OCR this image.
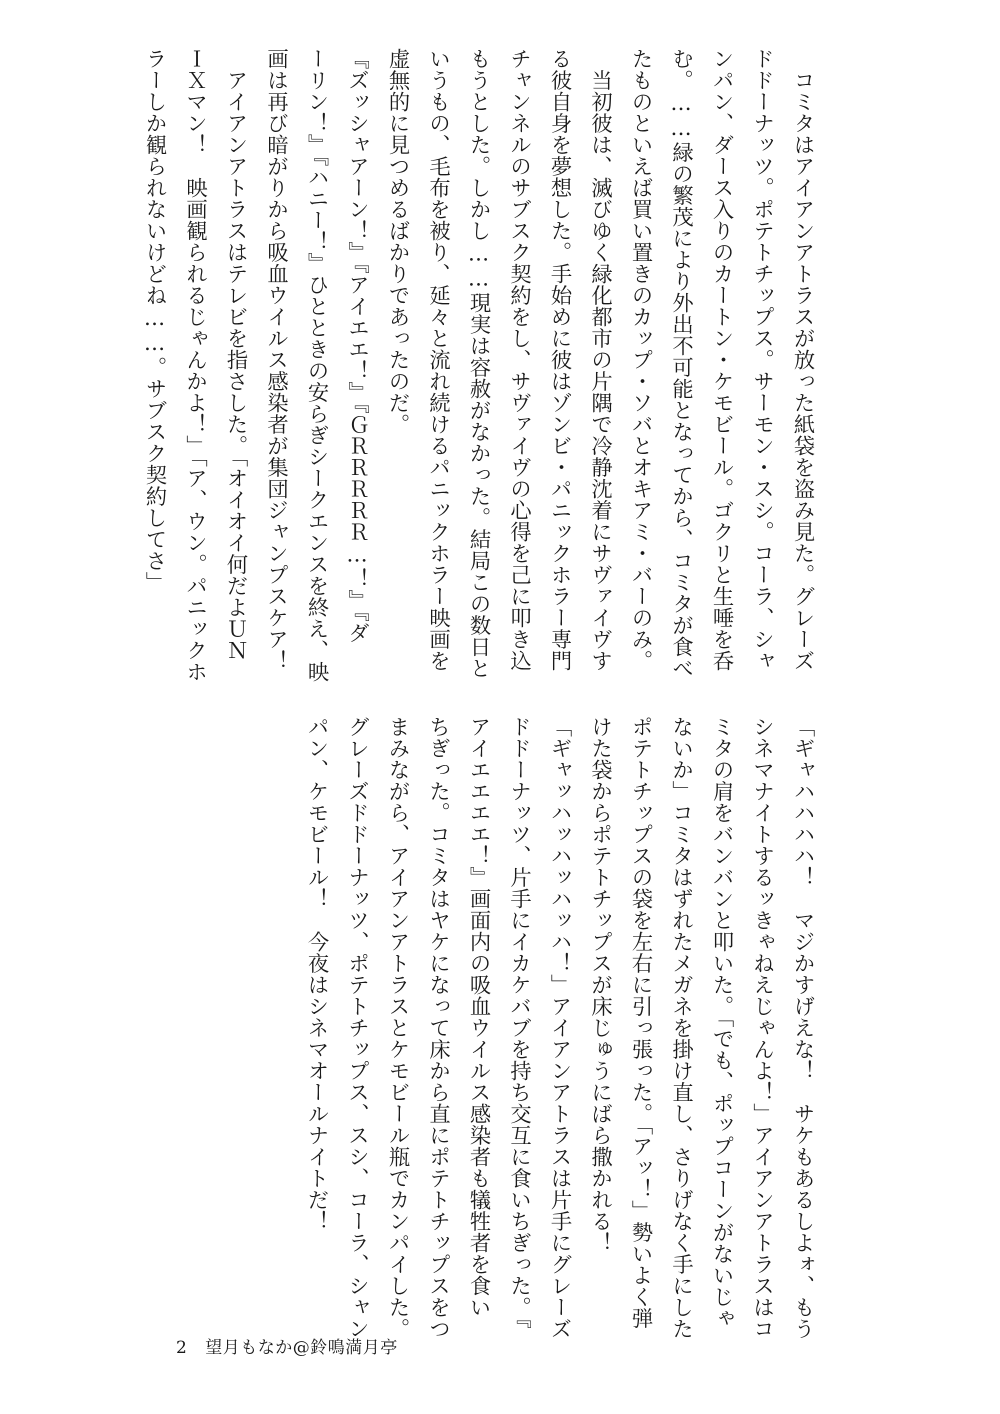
　コミタはアイアンアトラスが放った紙袋を盗み見た。グレーズ

ドドーナッツ。ポテトチップス。サーモン・スシ。コーラ、シャ

ンパン、ダース入りのカートン・ケモビール。ゴクリと生唾を呑

む。……緑の繁茂により外出不可能となってから、コミタが食べ

たものといえば買い置きのカップ・ソバとオキアミ・バーのみ。

　当初彼は、滅びゆく緑化都市の片隅で冷静沈着にサヴァイヴす

る彼自身を夢想した。手始めに彼はゾンビ・パニックホラー専門

チャンネルのサブスク契約をし、サヴァイヴの心得を己に叩き込

もうとした。しかし……現実は容赦がなかった。結局この数日と

いうもの、毛布を被り、延々と流れ続けるパニックホラー映画を

虚無的に見つめるばかりであったのだ。

『ズッシャアーン！』『アイエエ！』『ＧＲＲＲＲＲ…！』『ダ

ーリン！』『ハニー！』ひとときの安らぎシークエンスを終え、映

画は再び暗がりから吸血ウイルス感染者が集団ジャンプスケア！

　アイアンアトラスはテレビを指さした。「オイオイ何だよＵＮ

ＩＸマン！　映画観られるじゃんかよ！」「ア、ウン。パニックホ

ラーしか観られないけどね……。サブスク契約してさ」

「ギャハハハハ！　マジかすげえな！　サケもあるしよォ、もう

シネマナイトするッきゃねえじゃんよ！」アイアンアトラスはコ

ミタの肩をバンバンと叩いた。「でも、ポップコーンがないじゃ

ないか」コミタはずれたメガネを掛け直し、さりげなく手にした

ポテトチップスの袋を左右に引っ張った。「アッ！」勢いよく弾

けた袋からポテトチップスが床じゅうにばら撒かれる！

「ギャッハッハッハッハ！」アイアンアトラスは片手にグレーズ

ドドーナッツ、片手にイカケバブを持ち交互に食いちぎった。『

アイエエエエ！』画面内の吸血ウイルス感染者も犠牲者を食い

ちぎった。コミタはヤケになって床から直にポテトチップスをつ

まみながら、アイアンアトラスとケモビール瓶でカンパイした。

グレーズドドーナッツ、ポテトチップス、スシ、コーラ、シャン

パン、ケモビール！　今夜はシネマオールナイトだ！

2 望月もなか@鈴鳴満月亭
